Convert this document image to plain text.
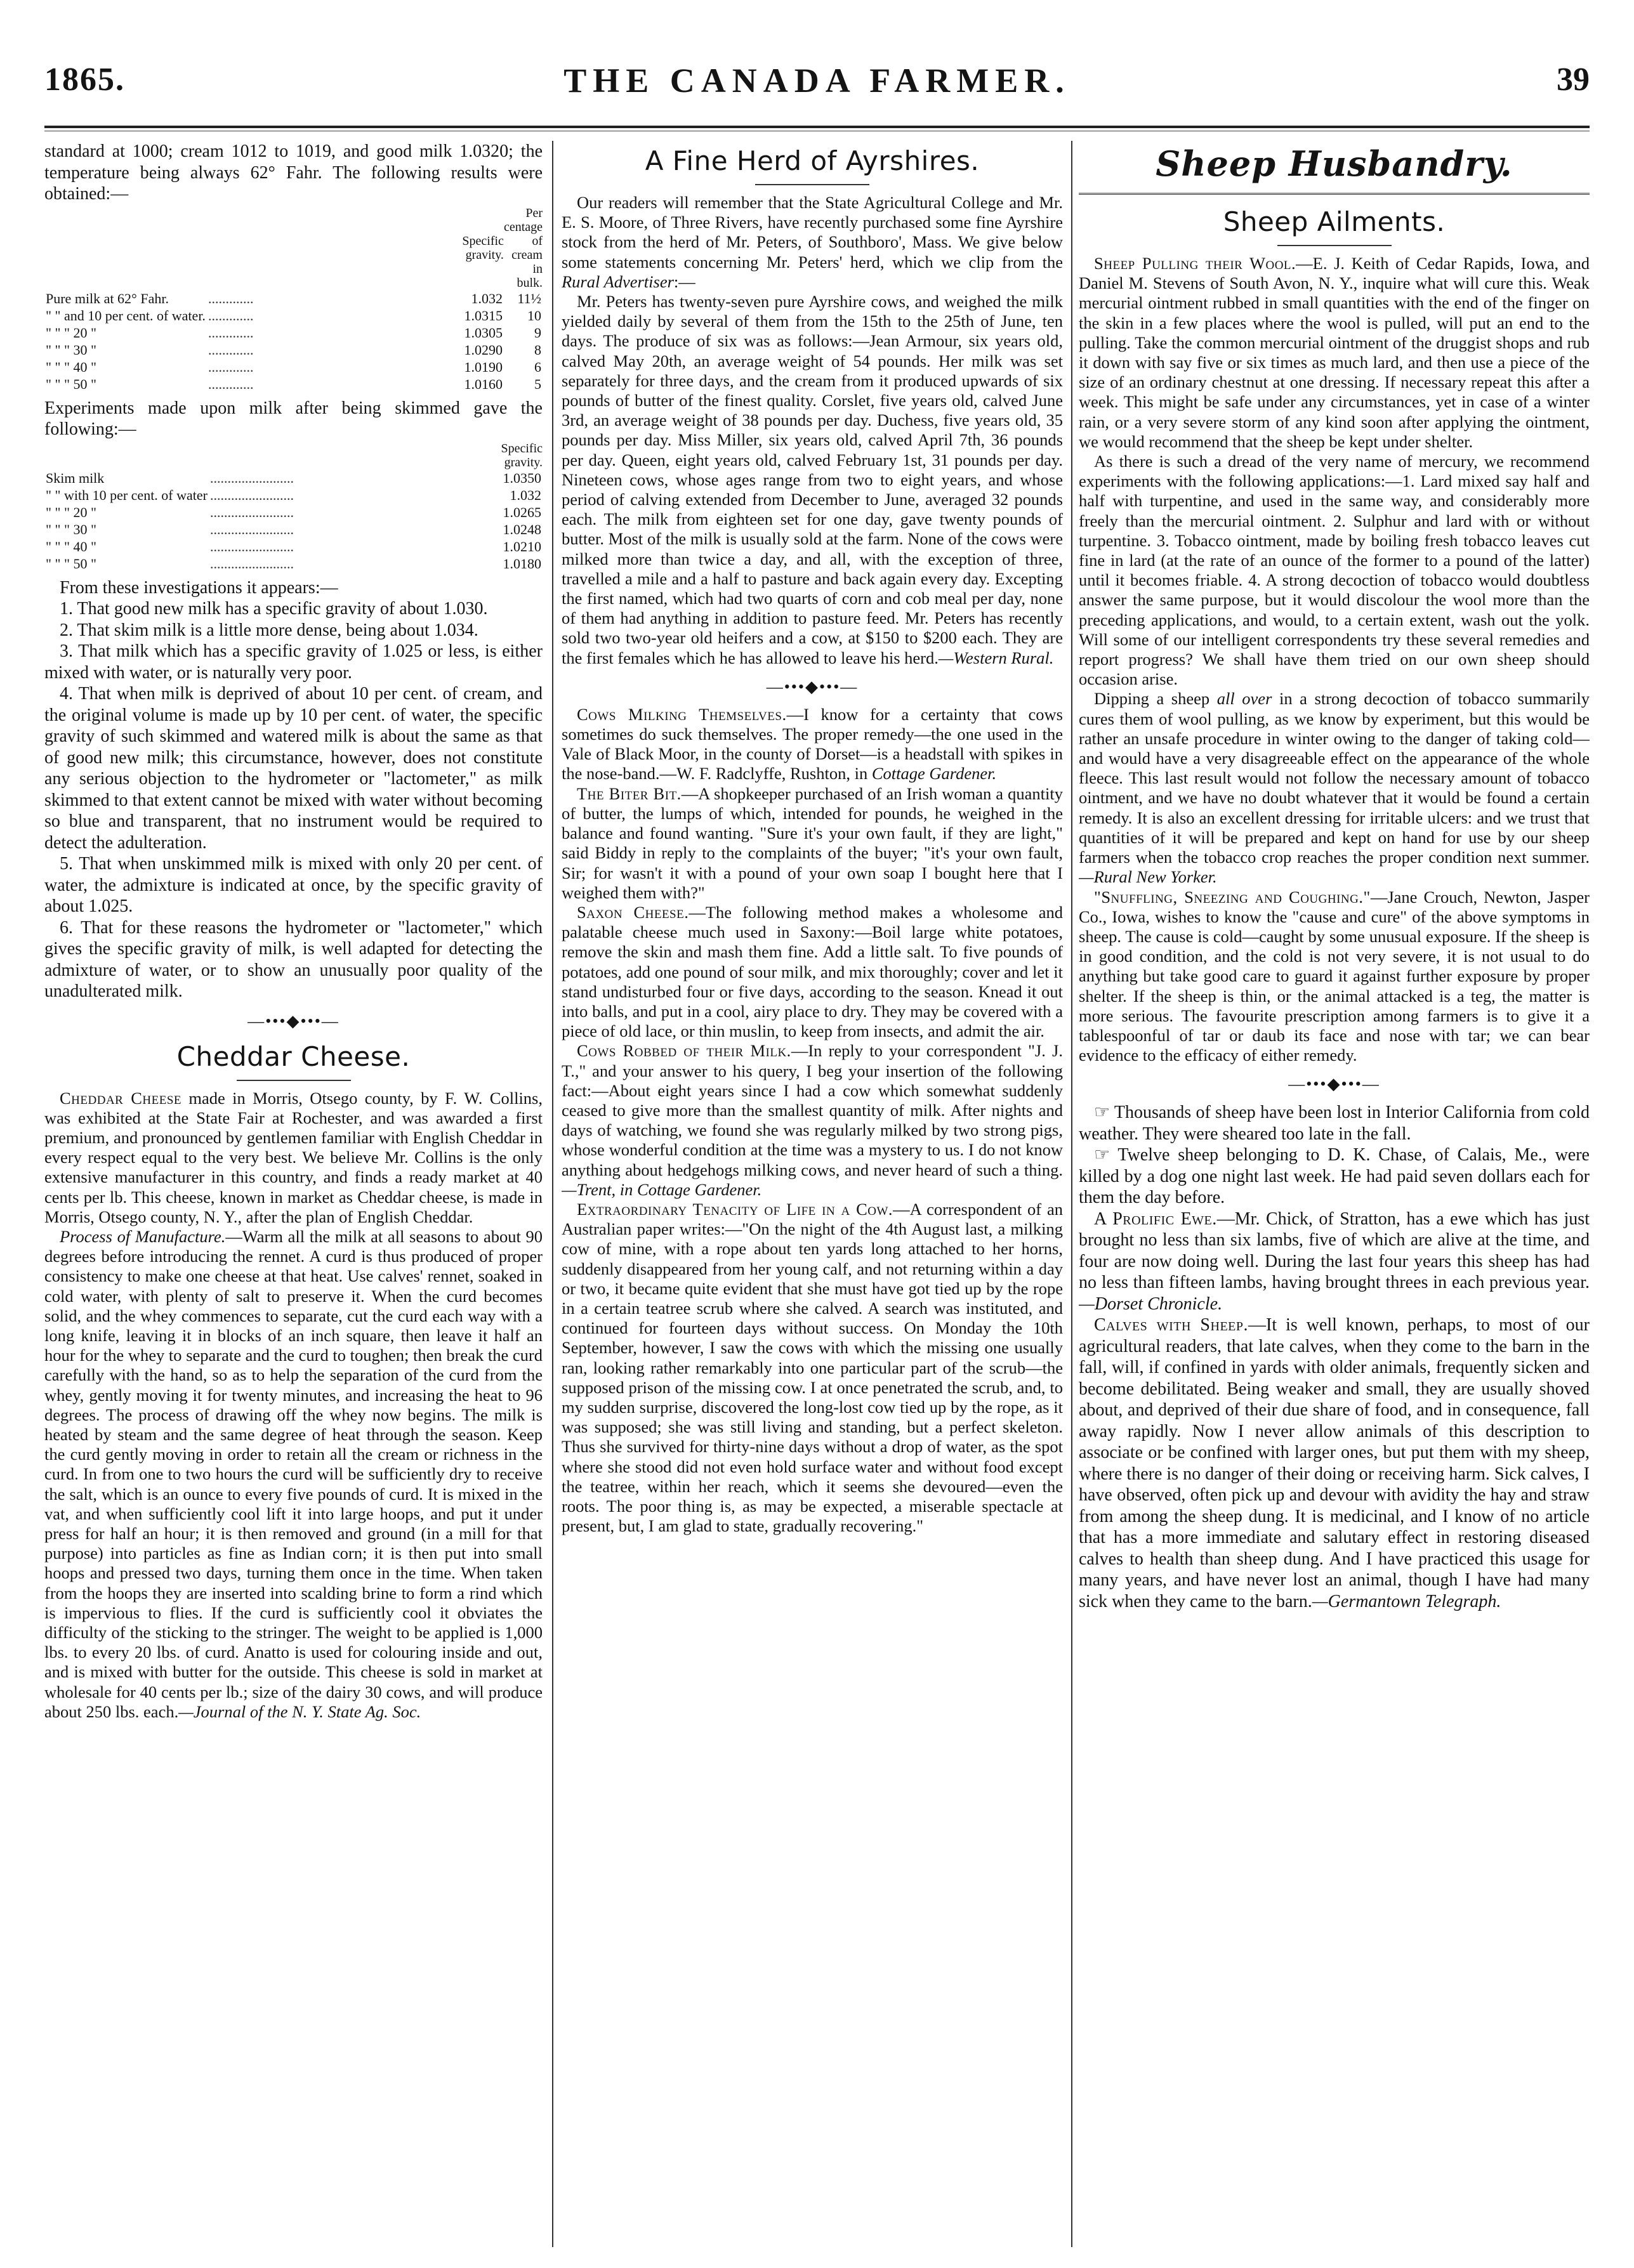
1865.	THE CANADA FARMER.	39

standard at 1000; cream 1012 to 1019, and good milk 1.0320; the temperature being always 62° Fahr. The following results were obtained:—

		Specific gravity.	Per centage of cream in bulk.
Pure milk at 62° Fahr.	.............	1.032	11½
" " and 10 per cent. of water.	.............	1.0315	10
" " " 20 "	.............	1.0305	9
" " " 30 "	.............	1.0290	8
" " " 40 "	.............	1.0190	6
" " " 50 "	.............	1.0160	5

Experiments made upon milk after being skimmed gave the following:—

		Specific gravity.
Skim milk	........................	1.0350
" " with 10 per cent. of water	........................	1.032
" " " 20 "	........................	1.0265
" " " 30 "	........................	1.0248
" " " 40 "	........................	1.0210
" " " 50 "	........................	1.0180

From these investigations it appears:—

1. That good new milk has a specific gravity of about 1.030.

2. That skim milk is a little more dense, being about 1.034.

3. That milk which has a specific gravity of 1.025 or less, is either mixed with water, or is naturally very poor.

4. That when milk is deprived of about 10 per cent. of cream, and the original volume is made up by 10 per cent. of water, the specific gravity of such skimmed and watered milk is about the same as that of good new milk; this circumstance, however, does not constitute any serious objection to the hydrometer or "lactometer," as milk skimmed to that extent cannot be mixed with water without becoming so blue and transparent, that no instrument would be required to detect the adulteration.

5. That when unskimmed milk is mixed with only 20 per cent. of water, the admixture is indicated at once, by the specific gravity of about 1.025.

6. That for these reasons the hydrometer or "lactometer," which gives the specific gravity of milk, is well adapted for detecting the admixture of water, or to show an unusually poor quality of the unadulterated milk.

—•••◆•••—
Cheddar Cheese.

Cheddar Cheese made in Morris, Otsego county, by F. W. Collins, was exhibited at the State Fair at Rochester, and was awarded a first premium, and pronounced by gentlemen familiar with English Cheddar in every respect equal to the very best. We believe Mr. Collins is the only extensive manufacturer in this country, and finds a ready market at 40 cents per lb. This cheese, known in market as Cheddar cheese, is made in Morris, Otsego county, N. Y., after the plan of English Cheddar.

Process of Manufacture.—Warm all the milk at all seasons to about 90 degrees before introducing the rennet. A curd is thus produced of proper consistency to make one cheese at that heat. Use calves' rennet, soaked in cold water, with plenty of salt to preserve it. When the curd becomes solid, and the whey commences to separate, cut the curd each way with a long knife, leaving it in blocks of an inch square, then leave it half an hour for the whey to separate and the curd to toughen; then break the curd carefully with the hand, so as to help the separation of the curd from the whey, gently moving it for twenty minutes, and increasing the heat to 96 degrees. The process of drawing off the whey now begins. The milk is heated by steam and the same degree of heat through the season. Keep the curd gently moving in order to retain all the cream or richness in the curd. In from one to two hours the curd will be sufficiently dry to receive the salt, which is an ounce to every five pounds of curd. It is mixed in the vat, and when sufficiently cool lift it into large hoops, and put it under press for half an hour; it is then removed and ground (in a mill for that purpose) into particles as fine as Indian corn; it is then put into small hoops and pressed two days, turning them once in the time. When taken from the hoops they are inserted into scalding brine to form a rind which is impervious to flies. If the curd is sufficiently cool it obviates the difficulty of the sticking to the stringer. The weight to be applied is 1,000 lbs. to every 20 lbs. of curd. Anatto is used for colouring inside and out, and is mixed with butter for the outside. This cheese is sold in market at wholesale for 40 cents per lb.; size of the dairy 30 cows, and will produce about 250 lbs. each.—Journal of the N. Y. State Ag. Soc.

A Fine Herd of Ayrshires.

Our readers will remember that the State Agricultural College and Mr. E. S. Moore, of Three Rivers, have recently purchased some fine Ayrshire stock from the herd of Mr. Peters, of Southboro', Mass. We give below some statements concerning Mr. Peters' herd, which we clip from the Rural Advertiser:—

Mr. Peters has twenty-seven pure Ayrshire cows, and weighed the milk yielded daily by several of them from the 15th to the 25th of June, ten days. The produce of six was as follows:—Jean Armour, six years old, calved May 20th, an average weight of 54 pounds. Her milk was set separately for three days, and the cream from it produced upwards of six pounds of butter of the finest quality. Corslet, five years old, calved June 3rd, an average weight of 38 pounds per day. Duchess, five years old, 35 pounds per day. Miss Miller, six years old, calved April 7th, 36 pounds per day. Queen, eight years old, calved February 1st, 31 pounds per day. Nineteen cows, whose ages range from two to eight years, and whose period of calving extended from December to June, averaged 32 pounds each. The milk from eighteen set for one day, gave twenty pounds of butter. Most of the milk is usually sold at the farm. None of the cows were milked more than twice a day, and all, with the exception of three, travelled a mile and a half to pasture and back again every day. Excepting the first named, which had two quarts of corn and cob meal per day, none of them had anything in addition to pasture feed. Mr. Peters has recently sold two two-year old heifers and a cow, at $150 to $200 each. They are the first females which he has allowed to leave his herd.—Western Rural.

—•••◆•••—

Cows Milking Themselves.—I know for a certainty that cows sometimes do suck themselves. The proper remedy—the one used in the Vale of Black Moor, in the county of Dorset—is a headstall with spikes in the nose-band.—W. F. Radclyffe, Rushton, in Cottage Gardener.

The Biter Bit.—A shopkeeper purchased of an Irish woman a quantity of butter, the lumps of which, intended for pounds, he weighed in the balance and found wanting. "Sure it's your own fault, if they are light," said Biddy in reply to the complaints of the buyer; "it's your own fault, Sir; for wasn't it with a pound of your own soap I bought here that I weighed them with?"

Saxon Cheese.—The following method makes a wholesome and palatable cheese much used in Saxony:—Boil large white potatoes, remove the skin and mash them fine. Add a little salt. To five pounds of potatoes, add one pound of sour milk, and mix thoroughly; cover and let it stand undisturbed four or five days, according to the season. Knead it out into balls, and put in a cool, airy place to dry. They may be covered with a piece of old lace, or thin muslin, to keep from insects, and admit the air.

Cows Robbed of their Milk.—In reply to your correspondent "J. J. T.," and your answer to his query, I beg your insertion of the following fact:—About eight years since I had a cow which somewhat suddenly ceased to give more than the smallest quantity of milk. After nights and days of watching, we found she was regularly milked by two strong pigs, whose wonderful condition at the time was a mystery to us. I do not know anything about hedgehogs milking cows, and never heard of such a thing.—Trent, in Cottage Gardener.

Extraordinary Tenacity of Life in a Cow.—A correspondent of an Australian paper writes:—"On the night of the 4th August last, a milking cow of mine, with a rope about ten yards long attached to her horns, suddenly disappeared from her young calf, and not returning within a day or two, it became quite evident that she must have got tied up by the rope in a certain teatree scrub where she calved. A search was instituted, and continued for fourteen days without success. On Monday the 10th September, however, I saw the cows with which the missing one usually ran, looking rather remarkably into one particular part of the scrub—the supposed prison of the missing cow. I at once penetrated the scrub, and, to my sudden surprise, discovered the long-lost cow tied up by the rope, as it was supposed; she was still living and standing, but a perfect skeleton. Thus she survived for thirty-nine days without a drop of water, as the spot where she stood did not even hold surface water and without food except the teatree, within her reach, which it seems she devoured—even the roots. The poor thing is, as may be expected, a miserable spectacle at present, but, I am glad to state, gradually recovering."

Sheep Husbandry.
Sheep Ailments.

Sheep Pulling their Wool.—E. J. Keith of Cedar Rapids, Iowa, and Daniel M. Stevens of South Avon, N. Y., inquire what will cure this. Weak mercurial ointment rubbed in small quantities with the end of the finger on the skin in a few places where the wool is pulled, will put an end to the pulling. Take the common mercurial ointment of the druggist shops and rub it down with say five or six times as much lard, and then use a piece of the size of an ordinary chestnut at one dressing. If necessary repeat this after a week. This might be safe under any circumstances, yet in case of a winter rain, or a very severe storm of any kind soon after applying the ointment, we would recommend that the sheep be kept under shelter.

As there is such a dread of the very name of mercury, we recommend experiments with the following applications:—1. Lard mixed say half and half with turpentine, and used in the same way, and considerably more freely than the mercurial ointment. 2. Sulphur and lard with or without turpentine. 3. Tobacco ointment, made by boiling fresh tobacco leaves cut fine in lard (at the rate of an ounce of the former to a pound of the latter) until it becomes friable. 4. A strong decoction of tobacco would doubtless answer the same purpose, but it would discolour the wool more than the preceding applications, and would, to a certain extent, wash out the yolk. Will some of our intelligent correspondents try these several remedies and report progress? We shall have them tried on our own sheep should occasion arise.

Dipping a sheep all over in a strong decoction of tobacco summarily cures them of wool pulling, as we know by experiment, but this would be rather an unsafe procedure in winter owing to the danger of taking cold—and would have a very disagreeable effect on the appearance of the whole fleece. This last result would not follow the necessary amount of tobacco ointment, and we have no doubt whatever that it would be found a certain remedy. It is also an excellent dressing for irritable ulcers: and we trust that quantities of it will be prepared and kept on hand for use by our sheep farmers when the tobacco crop reaches the proper condition next summer.—Rural New Yorker.

"Snuffling, Sneezing and Coughing."—Jane Crouch, Newton, Jasper Co., Iowa, wishes to know the "cause and cure" of the above symptoms in sheep. The cause is cold—caught by some unusual exposure. If the sheep is in good condition, and the cold is not very severe, it is not usual to do anything but take good care to guard it against further exposure by proper shelter. If the sheep is thin, or the animal attacked is a teg, the matter is more serious. The favourite prescription among farmers is to give it a tablespoonful of tar or daub its face and nose with tar; we can bear evidence to the efficacy of either remedy.

—•••◆•••—

☞ Thousands of sheep have been lost in Interior California from cold weather. They were sheared too late in the fall.

☞ Twelve sheep belonging to D. K. Chase, of Calais, Me., were killed by a dog one night last week. He had paid seven dollars each for them the day before.

A Prolific Ewe.—Mr. Chick, of Stratton, has a ewe which has just brought no less than six lambs, five of which are alive at the time, and four are now doing well. During the last four years this sheep has had no less than fifteen lambs, having brought threes in each previous year.—Dorset Chronicle.

Calves with Sheep.—It is well known, perhaps, to most of our agricultural readers, that late calves, when they come to the barn in the fall, will, if confined in yards with older animals, frequently sicken and become debilitated. Being weaker and small, they are usually shoved about, and deprived of their due share of food, and in consequence, fall away rapidly. Now I never allow animals of this description to associate or be confined with larger ones, but put them with my sheep, where there is no danger of their doing or receiving harm. Sick calves, I have observed, often pick up and devour with avidity the hay and straw from among the sheep dung. It is medicinal, and I know of no article that has a more immediate and salutary effect in restoring diseased calves to health than sheep dung. And I have practiced this usage for many years, and have never lost an animal, though I have had many sick when they came to the barn.—Germantown Telegraph.
